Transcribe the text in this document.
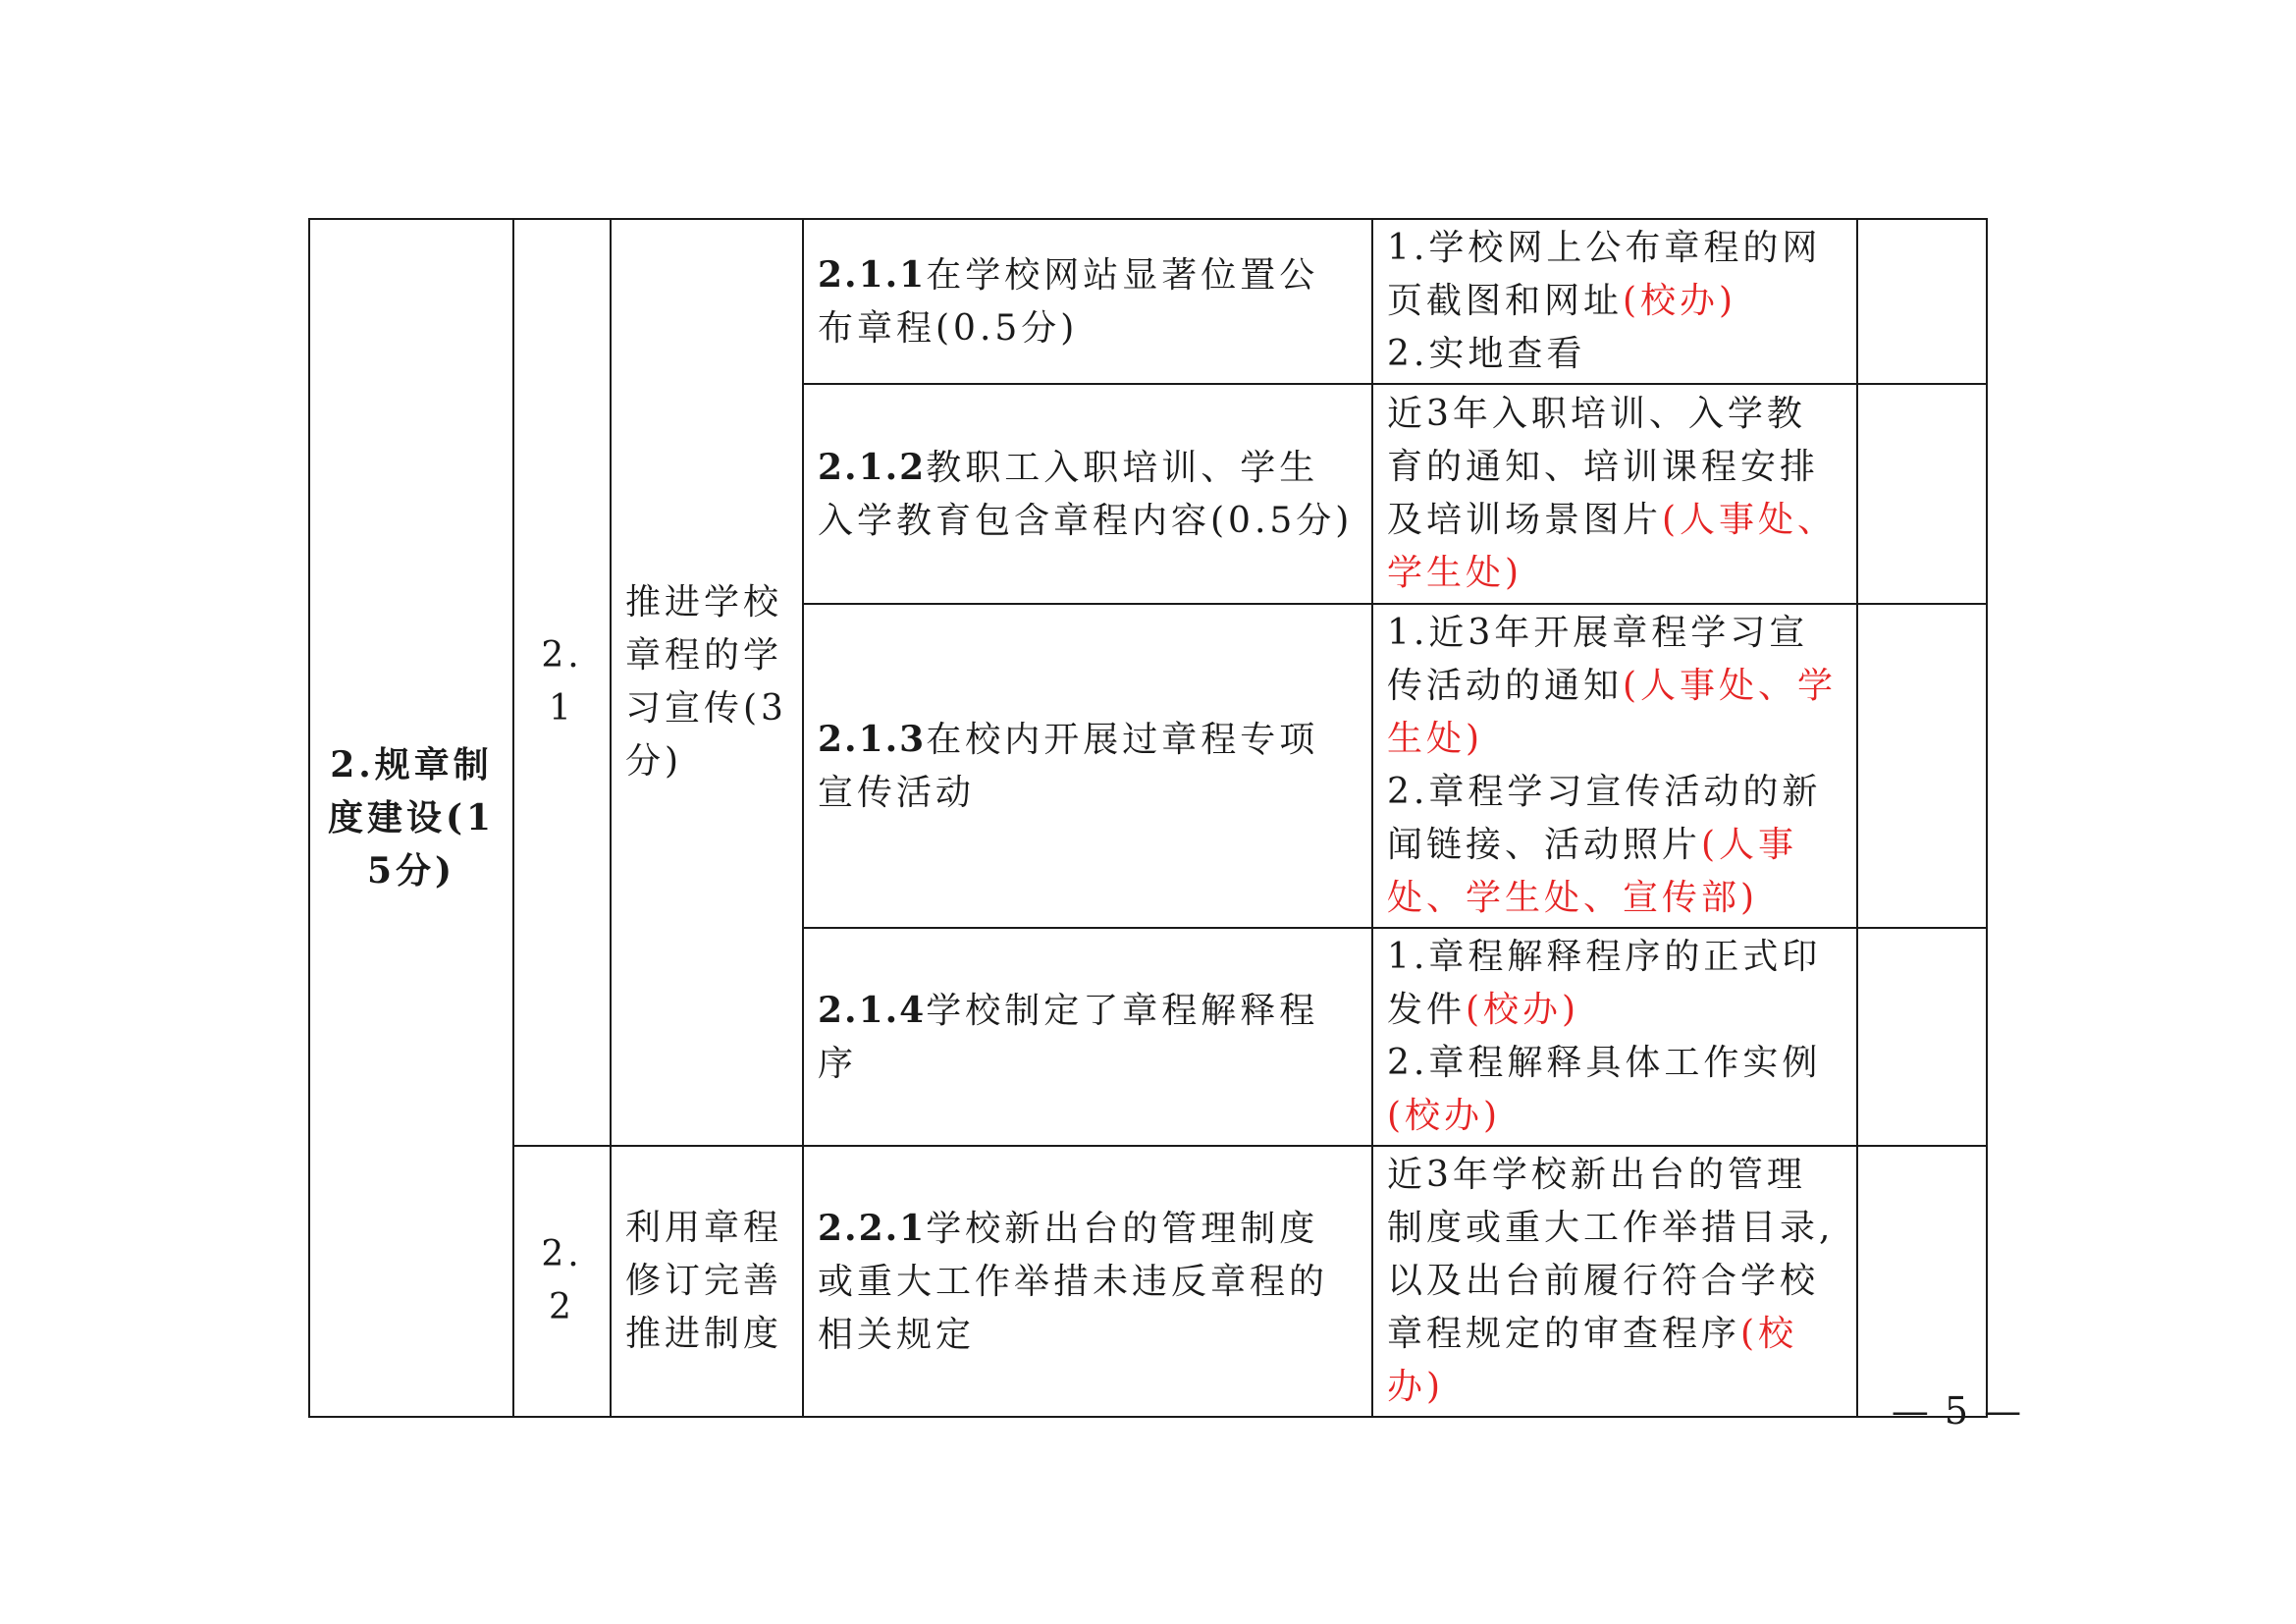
2.规章制度建设(15分)	2.1	推进学校章程的学习宣传(3分)	2.1.1在学校网站显著位置公布章程(0.5分)	1.学校网上公布章程的网页截图和网址(校办)
2.实地查看	

			2.1.2教职工入职培训、学生入学教育包含章程内容(0.5分)	近3年入职培训、入学教育的通知、培训课程安排及培训场景图片(人事处、学生处)	

			2.1.3在校内开展过章程专项宣传活动	1.近3年开展章程学习宣传活动的通知(人事处、学生处)
2.章程学习宣传活动的新闻链接、活动照片(人事处、学生处、宣传部)	

			2.1.4学校制定了章程解释程序	1.章程解释程序的正式印发件(校办)
2.章程解释具体工作实例(校办)	

	2.2	利用章程修订完善推进制度	2.2.1学校新出台的管理制度或重大工作举措未违反章程的相关规定	近3年学校新出台的管理制度或重大工作举措目录,以及出台前履行符合学校章程规定的审查程序(校办)	

— 5 —
